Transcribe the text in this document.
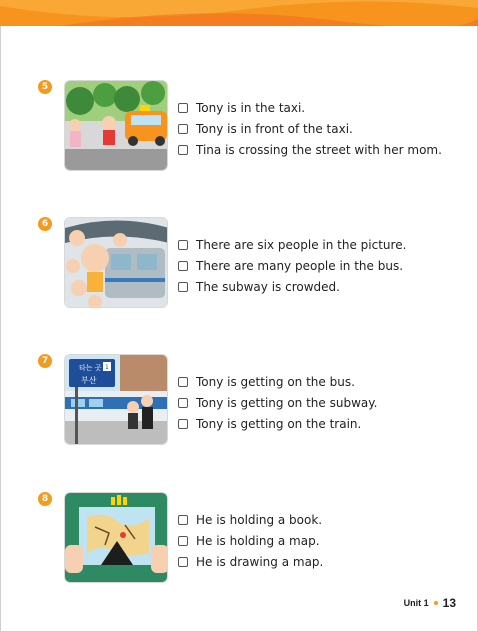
5
Tony is in the taxi.
Tony is in front of the taxi.
Tina is crossing the street with her mom.
6
There are six people in the picture.
There are many people in the bus.
The subway is crowded.
7
타는 곳 1
부산	Tony is getting on the bus.
Tony is getting on the subway.
Tony is getting on the train.
8
He is holding a book.
He is holding a map.
He is drawing a map.
Unit 1 13
